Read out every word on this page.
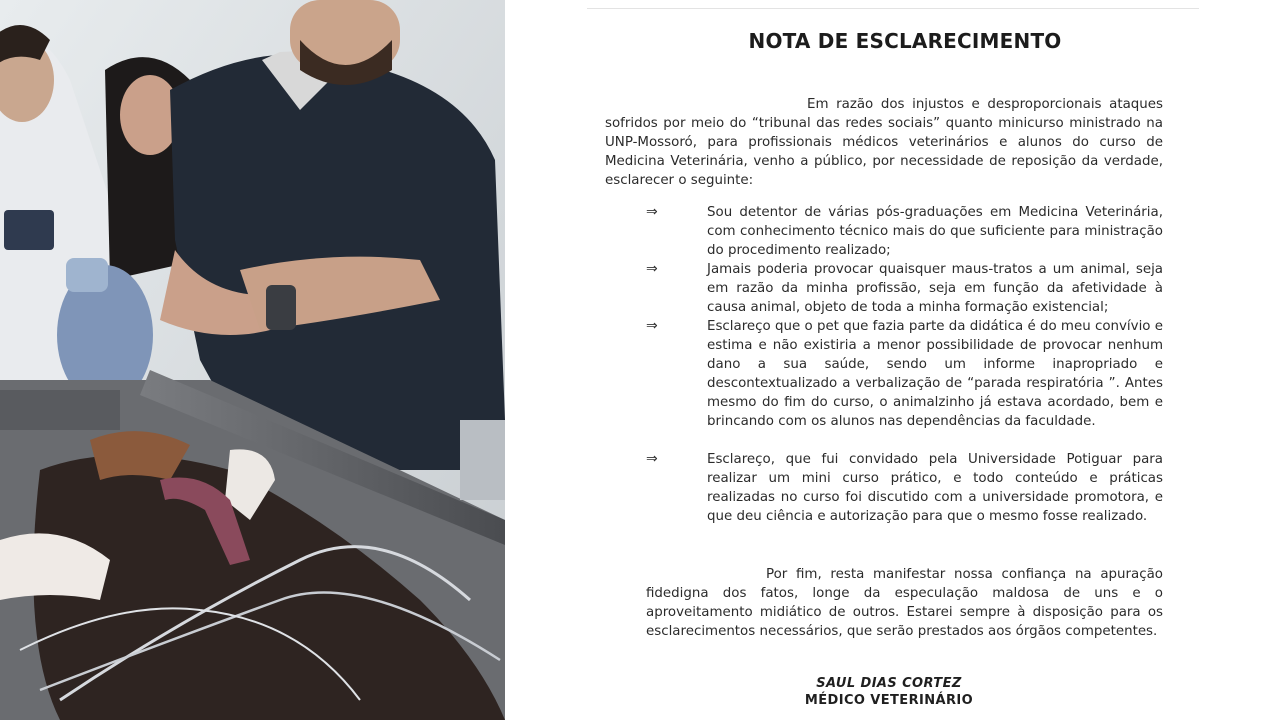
NOTA DE ESCLARECIMENTO

Em razão dos injustos e desproporcionais ataques sofridos por meio do “tribunal das redes sociais” quanto minicurso ministrado na UNP-Mossoró, para profissionais médicos veterinários e alunos do curso de Medicina Veterinária, venho a público, por necessidade de reposição da verdade, esclarecer o seguinte:

⇒	Sou detentor de várias pós-graduações em Medicina Veterinária, com conhecimento técnico mais do que suficiente para ministração do procedimento realizado;

⇒	Jamais poderia provocar quaisquer maus-tratos a um animal, seja em razão da minha profissão, seja em função da afetividade à causa animal, objeto de toda a minha formação existencial;

⇒	Esclareço que o pet que fazia parte da didática é do meu convívio e estima e não existiria a menor possibilidade de provocar nenhum dano a sua saúde, sendo um informe inapropriado e descontextualizado a verbalização de “parada respiratória ”. Antes mesmo do fim do curso, o animalzinho já estava acordado, bem e brincando com os alunos nas dependências da faculdade.

⇒	Esclareço, que fui convidado pela Universidade Potiguar para realizar um mini curso prático, e todo conteúdo e práticas realizadas no curso foi discutido com a universidade promotora, e que deu ciência e autorização para que o mesmo fosse realizado.

Por fim, resta manifestar nossa confiança na apuração fidedigna dos fatos, longe da especulação maldosa de uns e o aproveitamento midiático de outros. Estarei sempre à disposição para os esclarecimentos necessários, que serão prestados aos órgãos competentes.

SAUL DIAS CORTEZ

MÉDICO VETERINÁRIO
